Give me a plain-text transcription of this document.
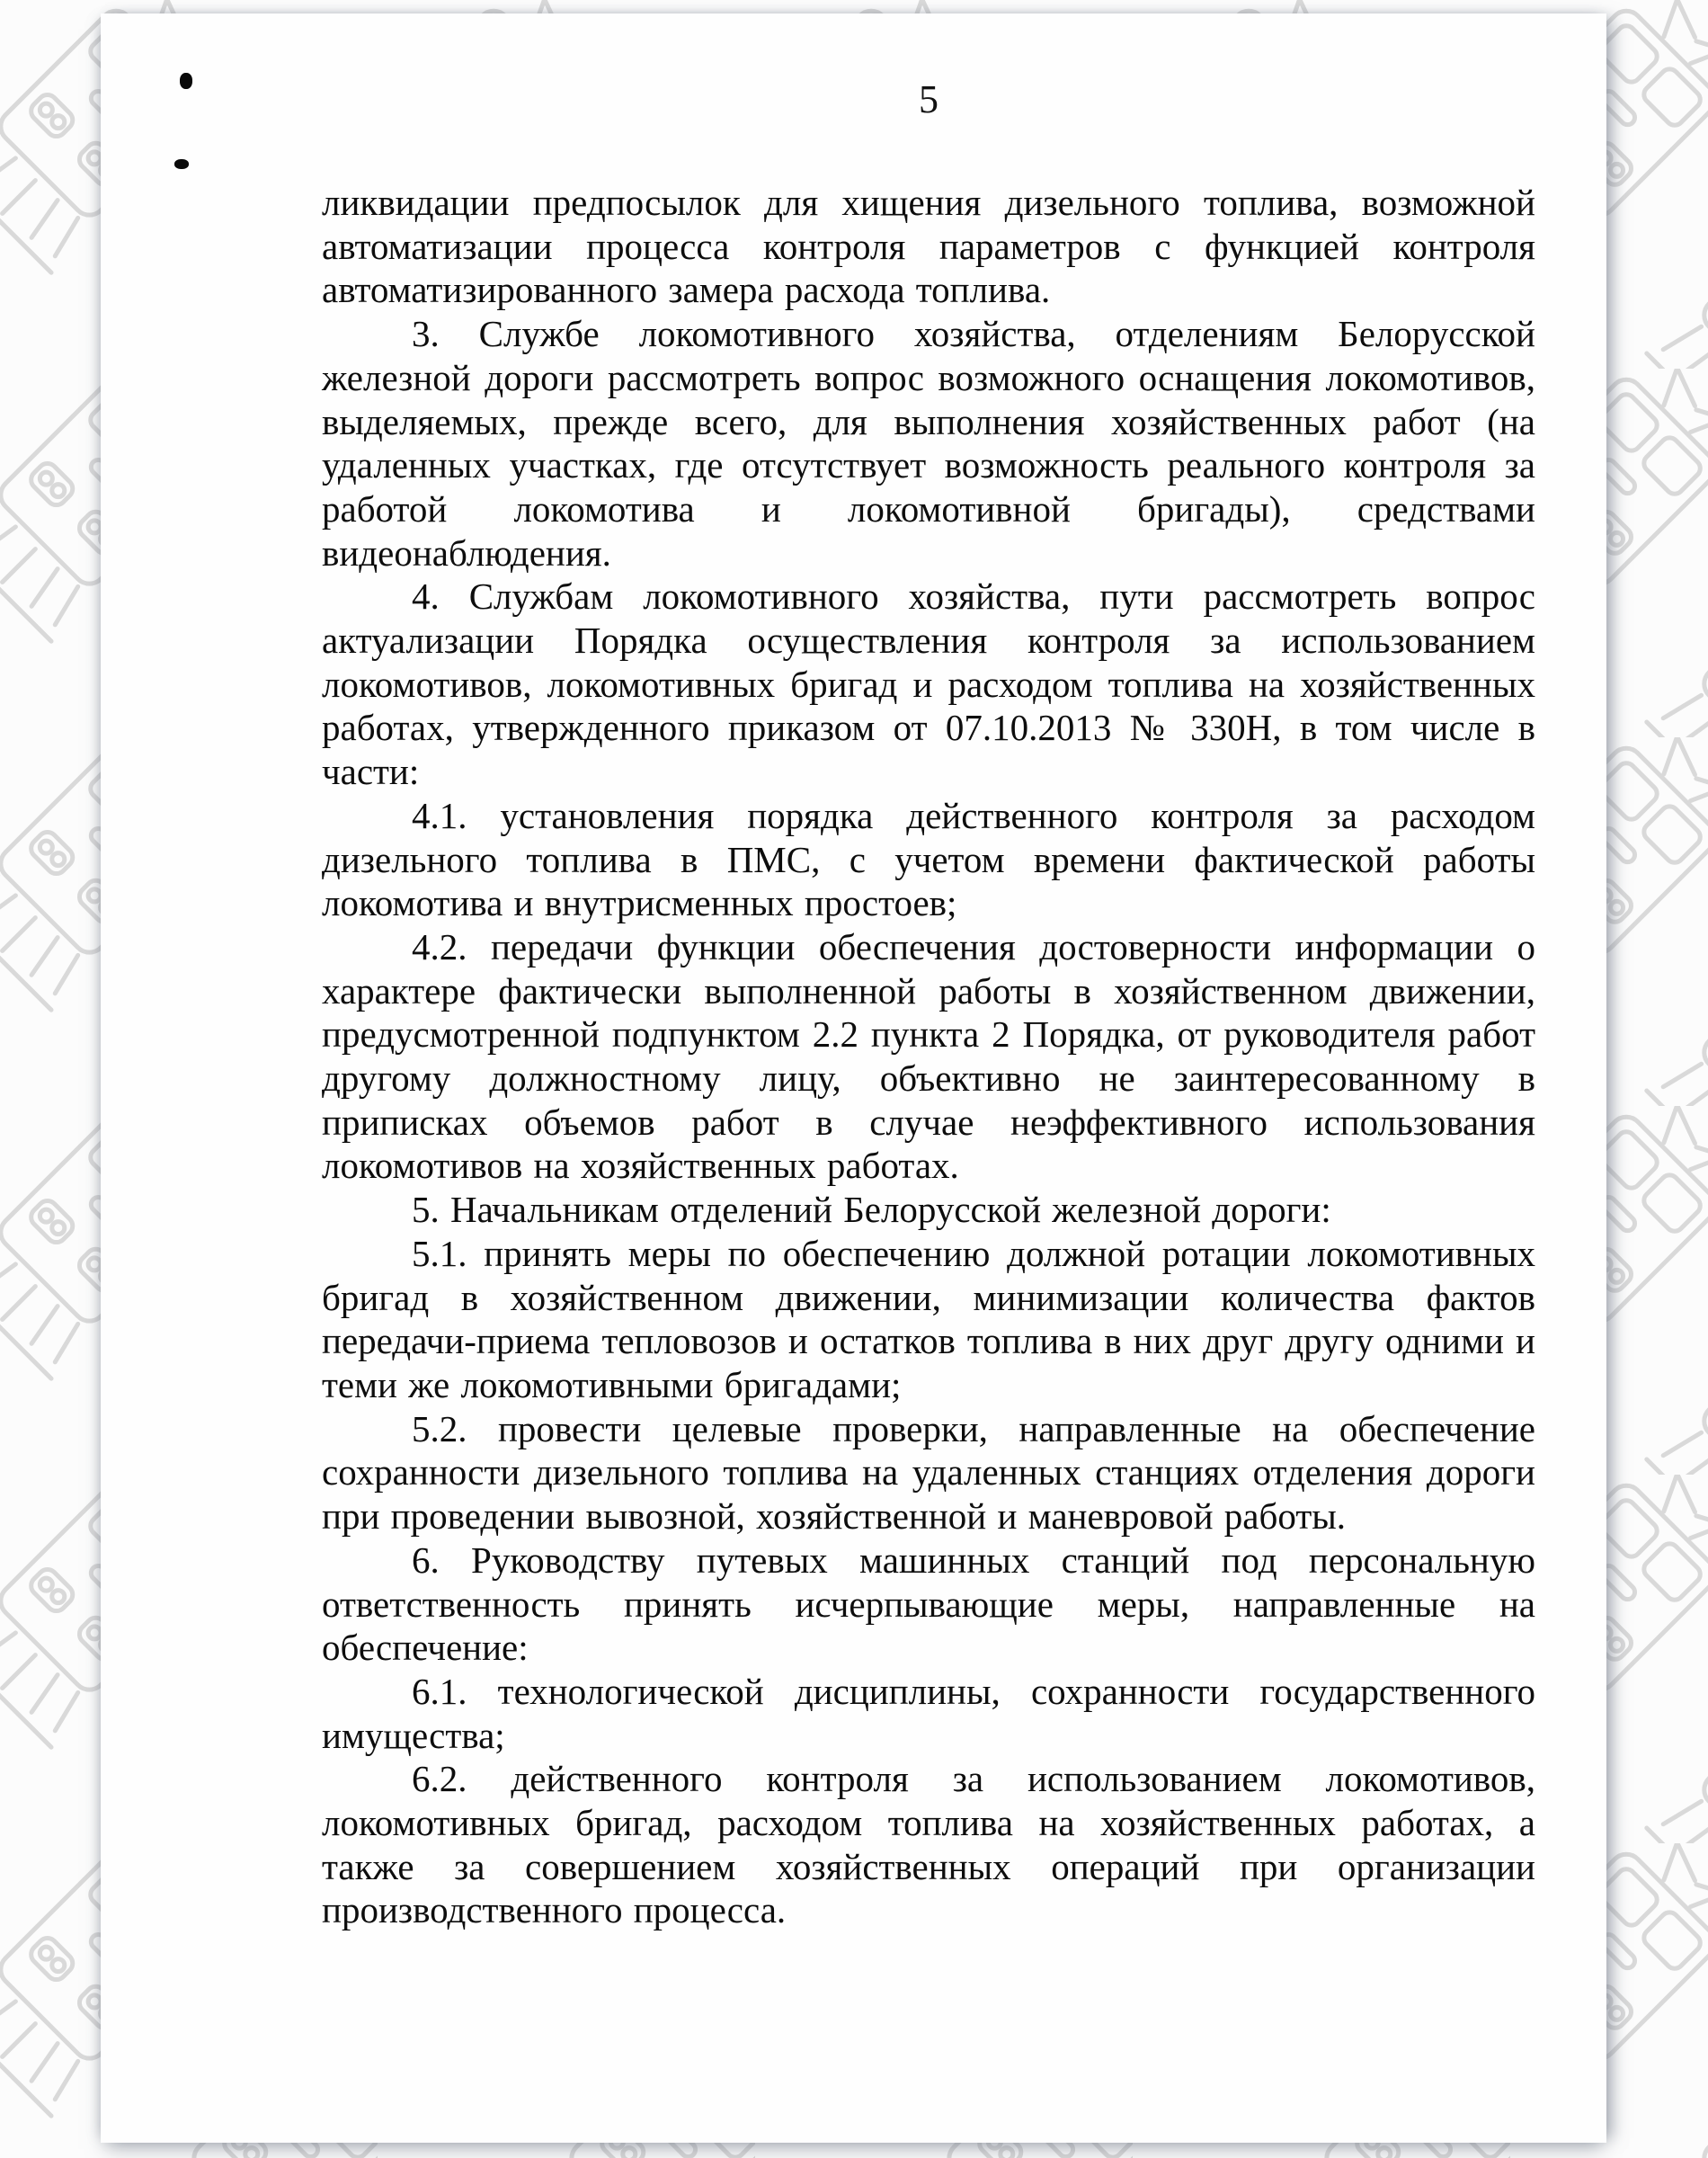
5

ликвидации предпосылок для хищения дизельного топлива, возможной автоматизации процесса контроля параметров с функцией контроля автоматизированного замера расхода топлива.

3. Службе локомотивного хозяйства, отделениям Белорусской железной дороги рассмотреть вопрос возможного оснащения локомотивов, выделяемых, прежде всего, для выполнения хозяйственных работ (на удаленных участках, где отсутствует возможность реального контроля за работой локомотива и локомотивной бригады), средствами видеонаблюдения.

4. Службам локомотивного хозяйства, пути рассмотреть вопрос актуализации Порядка осуществления контроля за использованием локомотивов, локомотивных бригад и расходом топлива на хозяйственных работах, утвержденного приказом от 07.10.2013 № 330Н, в том числе в части:

4.1. установления порядка действенного контроля за расходом дизельного топлива в ПМС, с учетом времени фактической работы локомотива и внутрисменных простоев;

4.2. передачи функции обеспечения достоверности информации о характере фактически выполненной работы в хозяйственном движении, предусмотренной подпунктом 2.2 пункта 2 Порядка, от руководителя работ другому должностному лицу, объективно не заинтересованному в приписках объемов работ в случае неэффективного использования локомотивов на хозяйственных работах.

5. Начальникам отделений Белорусской железной дороги:

5.1. принять меры по обеспечению должной ротации локомотивных бригад в хозяйственном движении, минимизации количества фактов передачи-приема тепловозов и остатков топлива в них друг другу одними и теми же локомотивными бригадами;

5.2. провести целевые проверки, направленные на обеспечение сохранности дизельного топлива на удаленных станциях отделения дороги при проведении вывозной, хозяйственной и маневровой работы.

6. Руководству путевых машинных станций под персональную ответственность принять исчерпывающие меры, направленные на обеспечение:

6.1. технологической дисциплины, сохранности государственного имущества;

6.2. действенного контроля за использованием локомотивов, локомотивных бригад, расходом топлива на хозяйственных работах, а также за совершением хозяйственных операций при организации производственного процесса.
